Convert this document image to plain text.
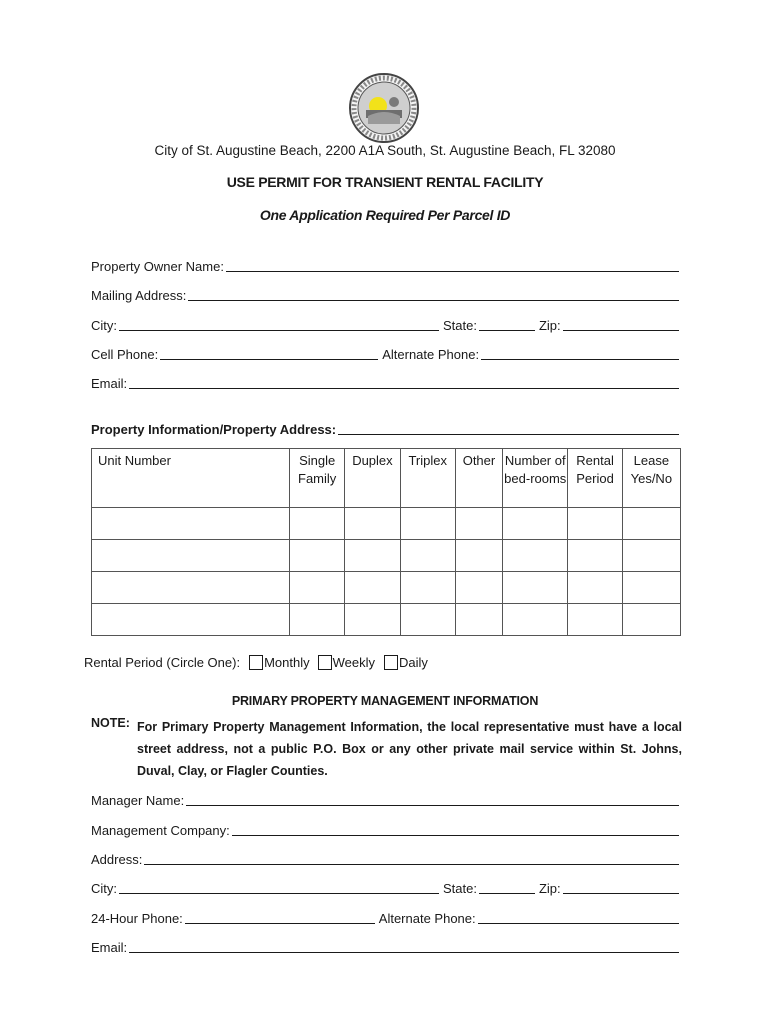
City of St. Augustine Beach, 2200 A1A South, St. Augustine Beach, FL 32080
USE PERMIT FOR TRANSIENT RENTAL FACILITY
One Application Required Per Parcel ID
Property Owner Name:
Mailing Address:
City:	State:	Zip:
Cell Phone:	Alternate Phone:
Email:
Property Information/Property Address:
Unit Number	Single Family	Duplex	Triplex	Other	Number of bed-rooms	Rental Period	Lease Yes/No

Rental Period (Circle One): Monthly Weekly Daily
PRIMARY PROPERTY MANAGEMENT INFORMATION
NOTE: For Primary Property Management Information, the local representative must have a local street address, not a public P.O. Box or any other private mail service within St. Johns, Duval, Clay, or Flagler Counties.
Manager Name:
Management Company:
Address:
City:	State:	Zip:
24-Hour Phone:	Alternate Phone:
Email:
